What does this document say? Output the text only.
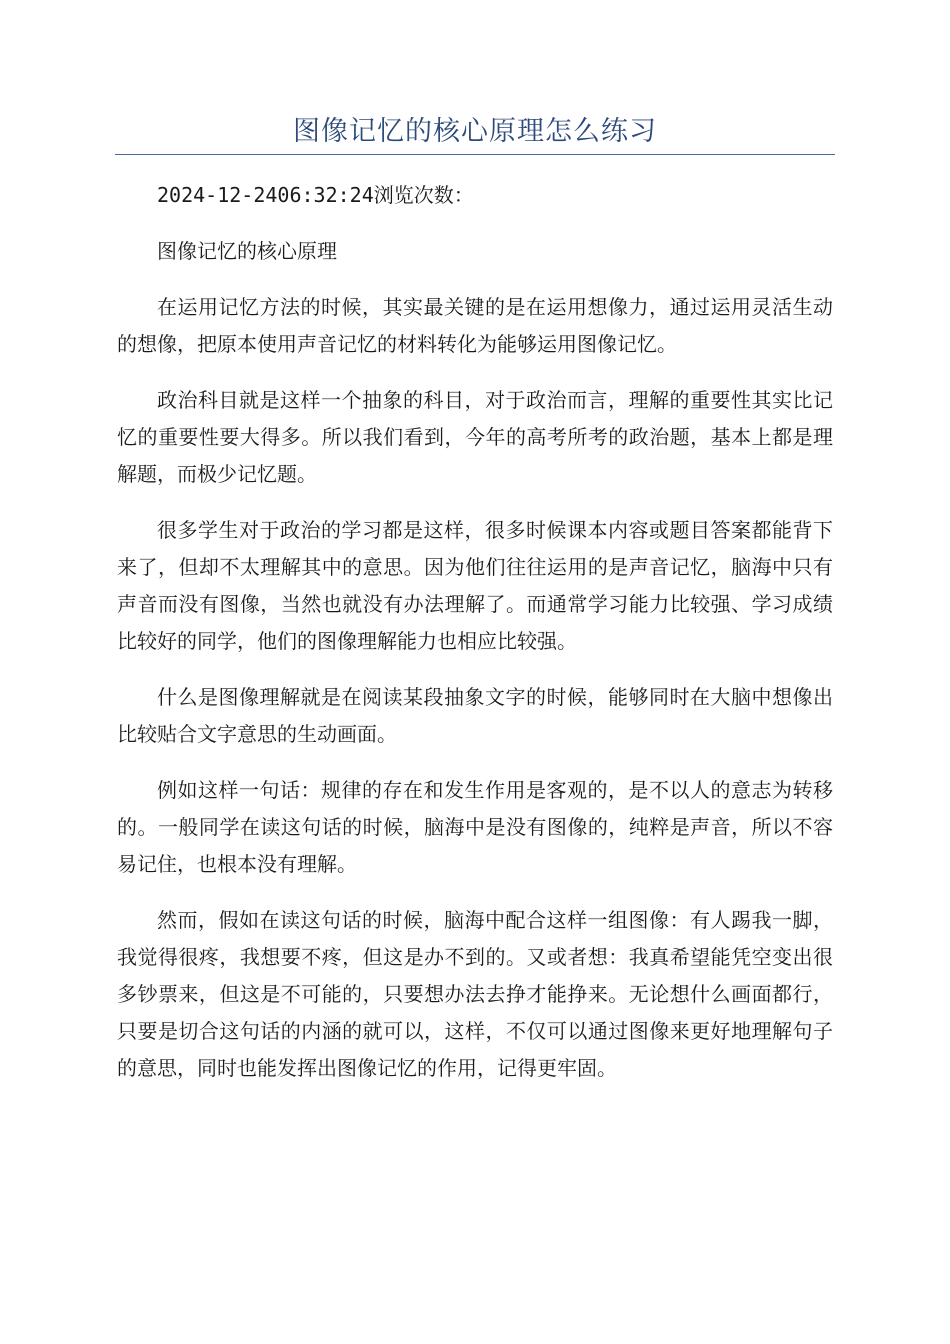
图像记忆的核心原理怎么练习

2024-12-2406:32:24浏览次数：

图像记忆的核心原理

在运用记忆方法的时候，其实最关键的是在运用想像力，通过运用灵活生动的想像，把原本使用声音记忆的材料转化为能够运用图像记忆。

政治科目就是这样一个抽象的科目，对于政治而言，理解的重要性其实比记忆的重要性要大得多。所以我们看到，今年的高考所考的政治题，基本上都是理解题，而极少记忆题。

很多学生对于政治的学习都是这样，很多时候课本内容或题目答案都能背下来了，但却不太理解其中的意思。因为他们往往运用的是声音记忆，脑海中只有声音而没有图像，当然也就没有办法理解了。而通常学习能力比较强、学习成绩比较好的同学，他们的图像理解能力也相应比较强。

什么是图像理解就是在阅读某段抽象文字的时候，能够同时在大脑中想像出比较贴合文字意思的生动画面。

例如这样一句话：规律的存在和发生作用是客观的，是不以人的意志为转移的。一般同学在读这句话的时候，脑海中是没有图像的，纯粹是声音，所以不容易记住，也根本没有理解。

然而，假如在读这句话的时候，脑海中配合这样一组图像：有人踢我一脚，我觉得很疼，我想要不疼，但这是办不到的。又或者想：我真希望能凭空变出很多钞票来，但这是不可能的，只要想办法去挣才能挣来。无论想什么画面都行，只要是切合这句话的内涵的就可以，这样，不仅可以通过图像来更好地理解句子的意思，同时也能发挥出图像记忆的作用，记得更牢固。
